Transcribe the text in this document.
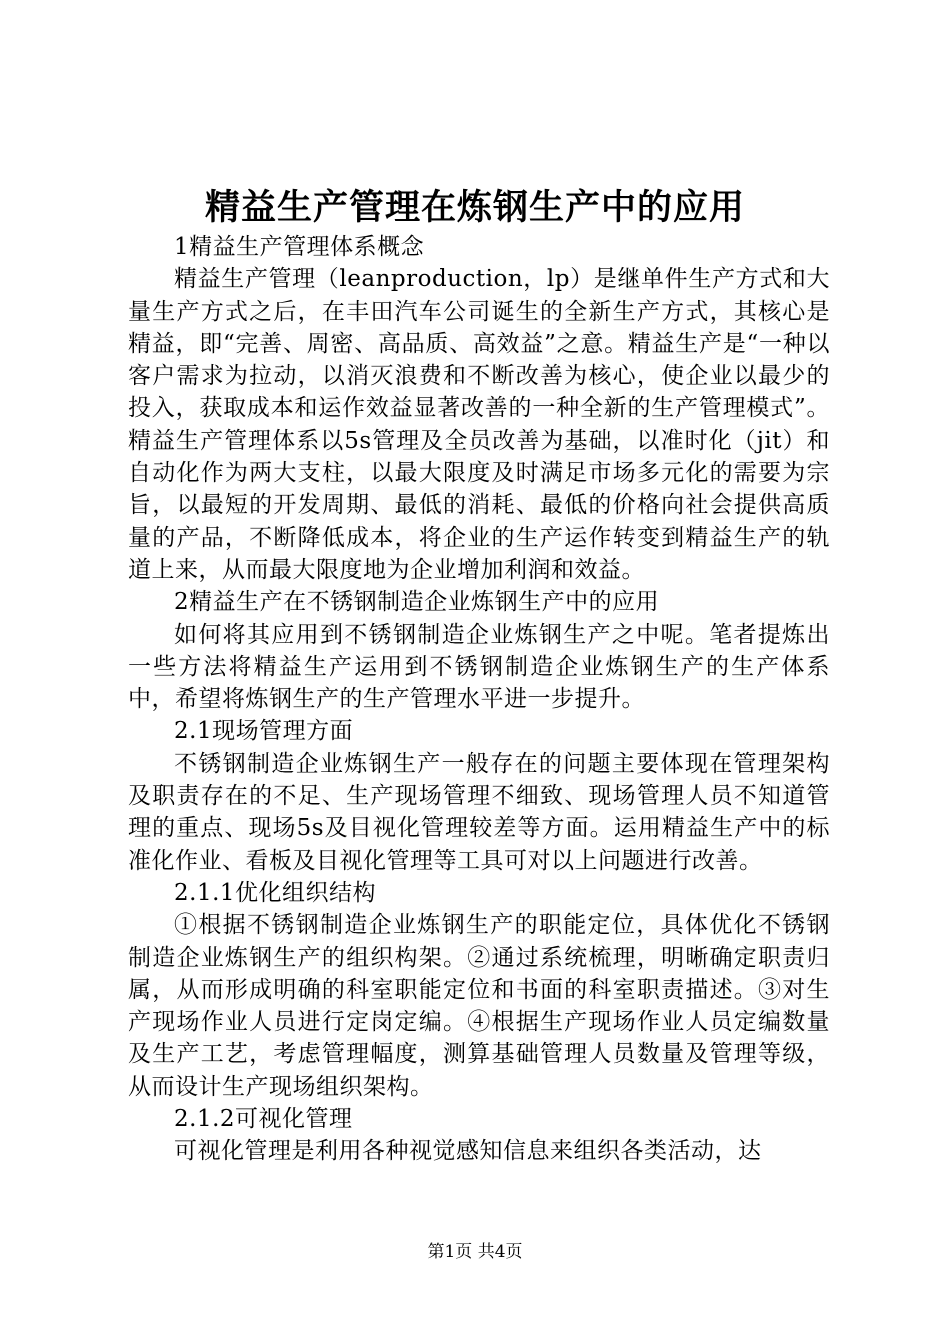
精益生产管理在炼钢生产中的应用

1精益生产管理体系概念

精益生产管理（leanproduction，lp）是继单件生产方式和大量生产方式之后，在丰田汽车公司诞生的全新生产方式，其核心是精益，即“完善、周密、高品质、高效益”之意。精益生产是“一种以客户需求为拉动，以消灭浪费和不断改善为核心，使企业以最少的投入，获取成本和运作效益显著改善的一种全新的生产管理模式”。精益生产管理体系以5s管理及全员改善为基础，以准时化（jit）和自动化作为两大支柱，以最大限度及时满足市场多元化的需要为宗旨，以最短的开发周期、最低的消耗、最低的价格向社会提供高质量的产品，不断降低成本，将企业的生产运作转变到精益生产的轨道上来，从而最大限度地为企业增加利润和效益。

2精益生产在不锈钢制造企业炼钢生产中的应用

如何将其应用到不锈钢制造企业炼钢生产之中呢。笔者提炼出一些方法将精益生产运用到不锈钢制造企业炼钢生产的生产体系中，希望将炼钢生产的生产管理水平进一步提升。

2.1现场管理方面

不锈钢制造企业炼钢生产一般存在的问题主要体现在管理架构及职责存在的不足、生产现场管理不细致、现场管理人员不知道管理的重点、现场5s及目视化管理较差等方面。运用精益生产中的标准化作业、看板及目视化管理等工具可对以上问题进行改善。

2.1.1优化组织结构

①根据不锈钢制造企业炼钢生产的职能定位，具体优化不锈钢制造企业炼钢生产的组织构架。②通过系统梳理，明晰确定职责归属，从而形成明确的科室职能定位和书面的科室职责描述。③对生产现场作业人员进行定岗定编。④根据生产现场作业人员定编数量及生产工艺，考虑管理幅度，测算基础管理人员数量及管理等级，从而设计生产现场组织架构。

2.1.2可视化管理

可视化管理是利用各种视觉感知信息来组织各类活动，达

第1页 共4页
